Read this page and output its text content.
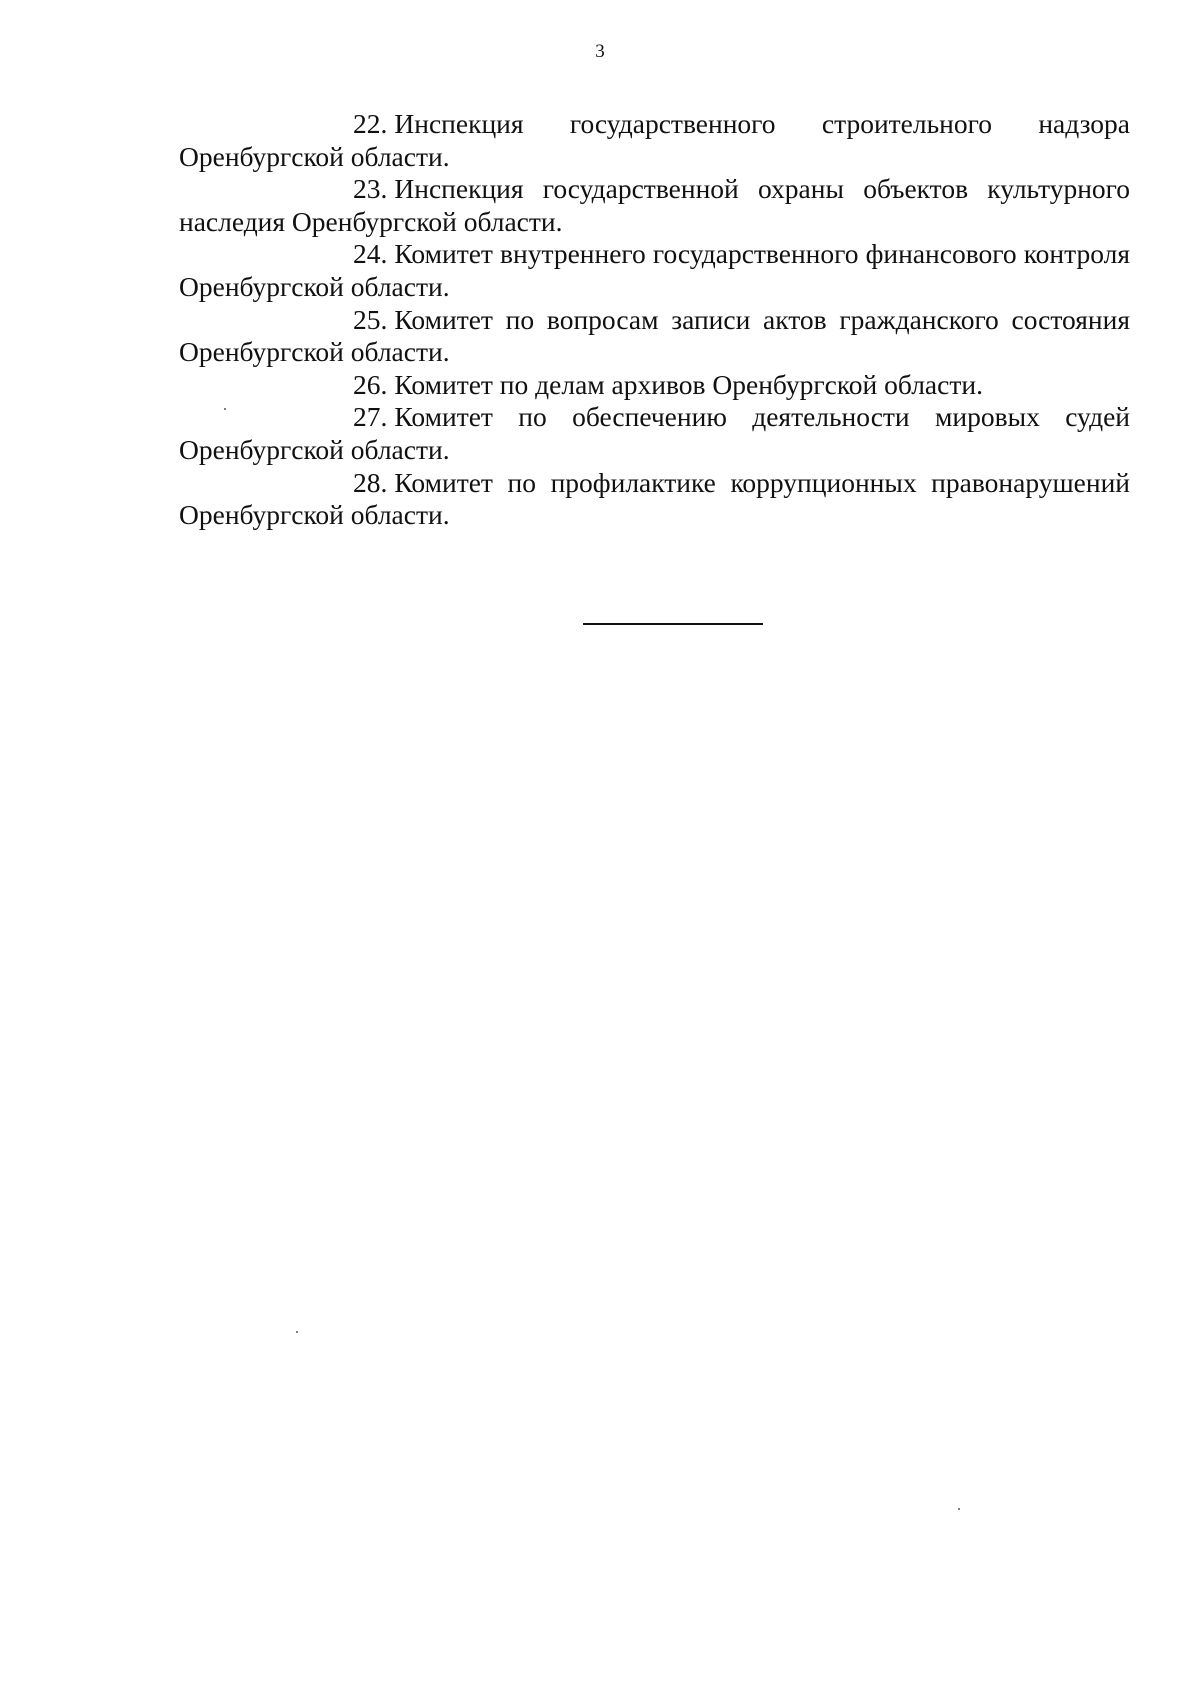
3

22. Инспекция государственного строительного надзора Оренбургской области.

23. Инспекция государственной охраны объектов культурного наследия Оренбургской области.

24. Комитет внутреннего государственного финансового контроля Оренбургской области.

25. Комитет по вопросам записи актов гражданского состояния Оренбургской области.

26. Комитет по делам архивов Оренбургской области.

27. Комитет по обеспечению деятельности мировых судей Оренбургской области.

28. Комитет по профилактике коррупционных правонарушений Оренбургской области.
